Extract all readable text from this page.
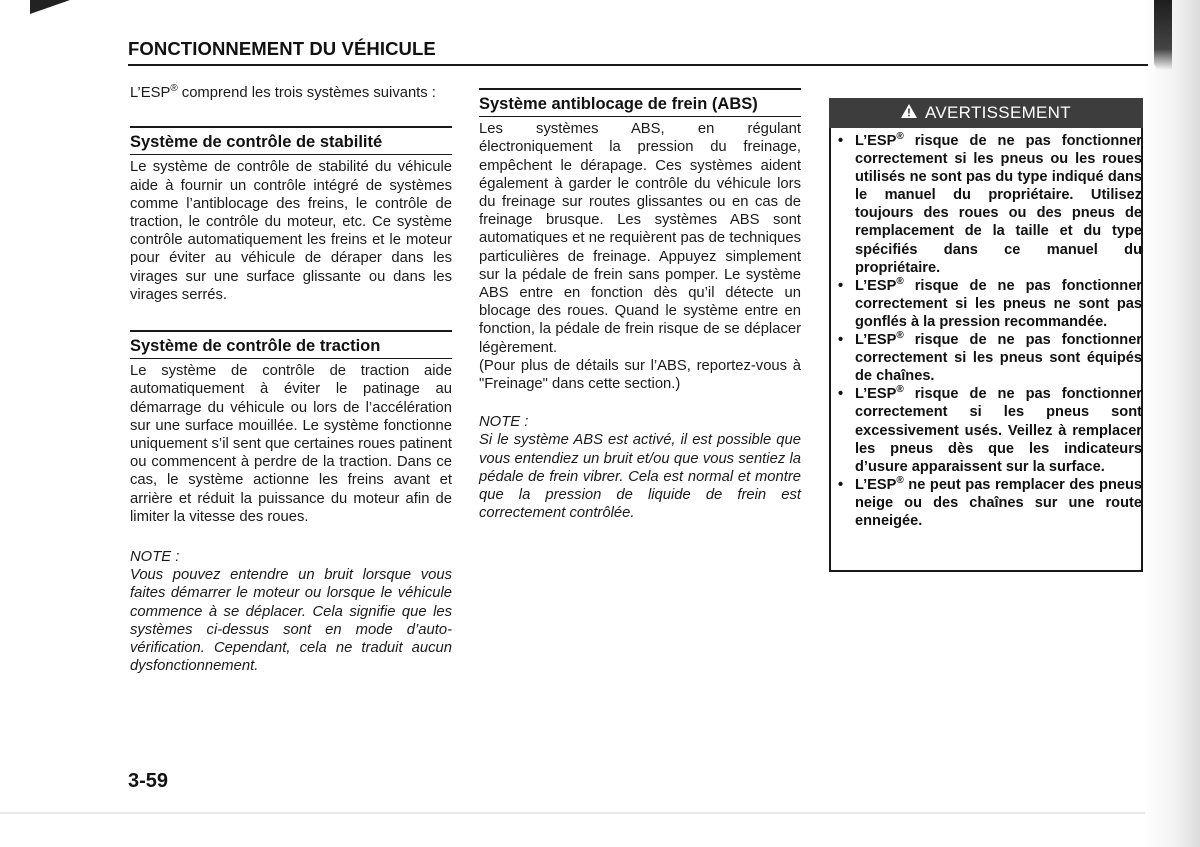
FONCTIONNEMENT DU VÉHICULE

L’ESP® comprend les trois systèmes suivants :

Système de contrôle de stabilité

Le système de contrôle de stabilité du véhicule aide à fournir un contrôle intégré de systèmes comme l’antiblocage des freins, le contrôle de traction, le contrôle du moteur, etc. Ce système contrôle automatiquement les freins et le moteur pour éviter au véhicule de déraper dans les virages sur une surface glissante ou dans les virages serrés.

Système de contrôle de traction

Le système de contrôle de traction aide automatiquement à éviter le patinage au démarrage du véhicule ou lors de l’accélération sur une surface mouillée. Le système fonctionne uniquement s’il sent que certaines roues patinent ou commencent à perdre de la traction. Dans ce cas, le système actionne les freins avant et arrière et réduit la puissance du moteur afin de limiter la vitesse des roues.

NOTE :

Vous pouvez entendre un bruit lorsque vous faites démarrer le moteur ou lorsque le véhicule commence à se déplacer. Cela signifie que les systèmes ci-dessus sont en mode d’auto-vérification. Cependant, cela ne traduit aucun dysfonctionnement.

Système antiblocage de frein (ABS)

Les systèmes ABS, en régulant électroniquement la pression du freinage, empêchent le dérapage. Ces systèmes aident également à garder le contrôle du véhicule lors du freinage sur routes glissantes ou en cas de freinage brusque. Les systèmes ABS sont automatiques et ne requièrent pas de techniques particulières de freinage. Appuyez simplement sur la pédale de frein sans pomper. Le système ABS entre en fonction dès qu’il détecte un blocage des roues. Quand le système entre en fonction, la pédale de frein risque de se déplacer légèrement.

(Pour plus de détails sur l’ABS, reportez-vous à "Freinage" dans cette section.)

NOTE :

Si le système ABS est activé, il est possible que vous entendiez un bruit et/ou que vous sentiez la pédale de frein vibrer. Cela est normal et montre que la pression de liquide de frein est correctement contrôlée.

AVERTISSEMENT
• L’ESP® risque de ne pas fonctionner correctement si les pneus ou les roues utilisés ne sont pas du type indiqué dans le manuel du propriétaire. Utilisez toujours des roues ou des pneus de remplacement de la taille et du type spécifiés dans ce manuel du propriétaire.
• L’ESP® risque de ne pas fonctionner correctement si les pneus ne sont pas gonflés à la pression recommandée.
• L’ESP® risque de ne pas fonctionner correctement si les pneus sont équipés de chaînes.
• L’ESP® risque de ne pas fonctionner correctement si les pneus sont excessivement usés. Veillez à remplacer les pneus dès que les indicateurs d’usure apparaissent sur la surface.
• L’ESP® ne peut pas remplacer des pneus neige ou des chaînes sur une route enneigée.
3-59
